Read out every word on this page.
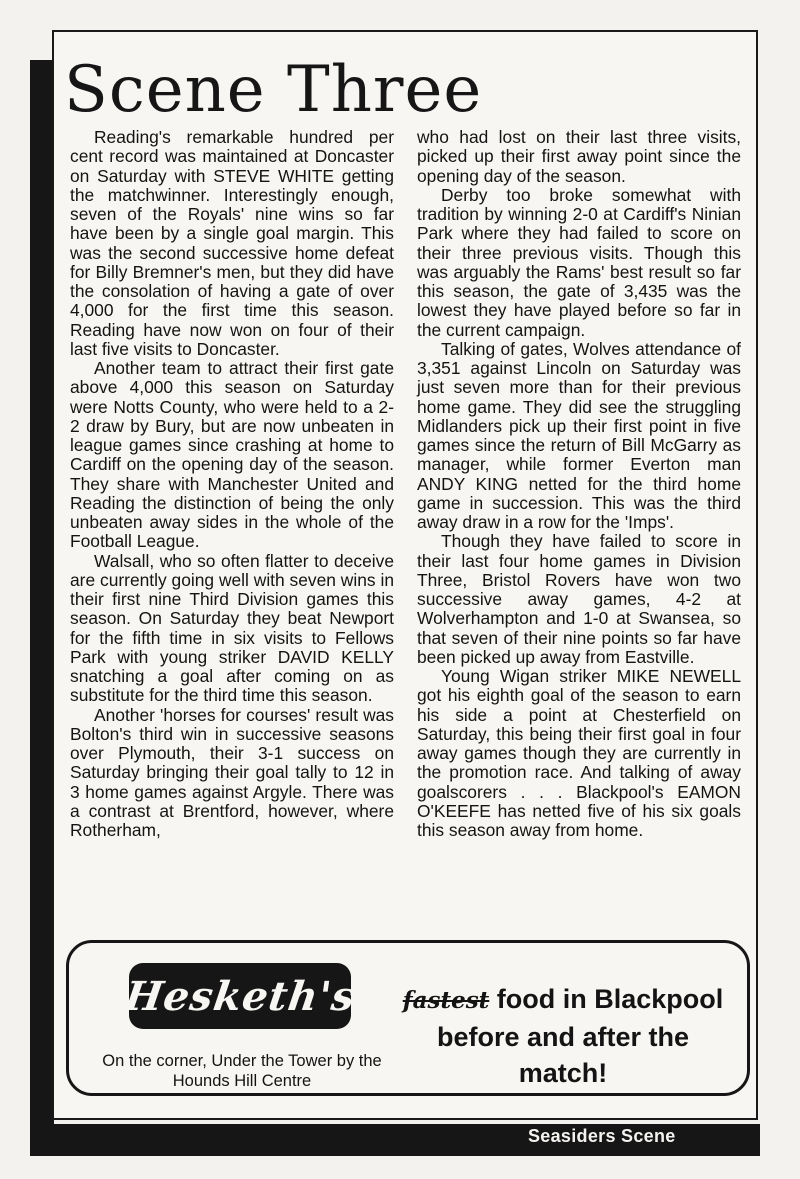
Seasiders Scene
Scene Three

Reading's remarkable hundred per cent record was maintained at Doncaster on Saturday with STEVE WHITE getting the matchwinner. Interestingly enough, seven of the Royals' nine wins so far have been by a single goal margin. This was the second successive home defeat for Billy Bremner's men, but they did have the consolation of having a gate of over 4,000 for the first time this season. Reading have now won on four of their last five visits to Doncaster.

Another team to attract their first gate above 4,000 this season on Saturday were Notts County, who were held to a 2-2 draw by Bury, but are now unbeaten in league games since crashing at home to Cardiff on the opening day of the season. They share with Manchester United and Reading the distinction of being the only unbeaten away sides in the whole of the Football League.

Walsall, who so often flatter to deceive are currently going well with seven wins in their first nine Third Division games this season. On Saturday they beat Newport for the fifth time in six visits to Fellows Park with young striker DAVID KELLY snatching a goal after coming on as substitute for the third time this season.

Another 'horses for courses' result was Bolton's third win in successive seasons over Plymouth, their 3-1 success on Saturday bringing their goal tally to 12 in 3 home games against Argyle. There was a contrast at Brentford, however, where Rotherham,

who had lost on their last three visits, picked up their first away point since the opening day of the season.

Derby too broke somewhat with tradition by winning 2-0 at Cardiff's Ninian Park where they had failed to score on their three previous visits. Though this was arguably the Rams' best result so far this season, the gate of 3,435 was the lowest they have played before so far in the current campaign.

Talking of gates, Wolves attendance of 3,351 against Lincoln on Saturday was just seven more than for their previous home game. They did see the struggling Midlanders pick up their first point in five games since the return of Bill McGarry as manager, while former Everton man ANDY KING netted for the third home game in succession. This was the third away draw in a row for the 'Imps'.

Though they have failed to score in their last four home games in Division Three, Bristol Rovers have won two successive away games, 4-2 at Wolverhampton and 1-0 at Swansea, so that seven of their nine points so far have been picked up away from Eastville.

Young Wigan striker MIKE NEWELL got his eighth goal of the season to earn his side a point at Chesterfield on Saturday, this being their first goal in four away games though they are currently in the promotion race. And talking of away goalscorers . . . Blackpool's EAMON O'KEEFE has netted five of his six goals this season away from home.

Hesketh's
On the corner, Under the Tower by the
Hounds Hill Centre
fastest food in Blackpool
before and after the
match!
